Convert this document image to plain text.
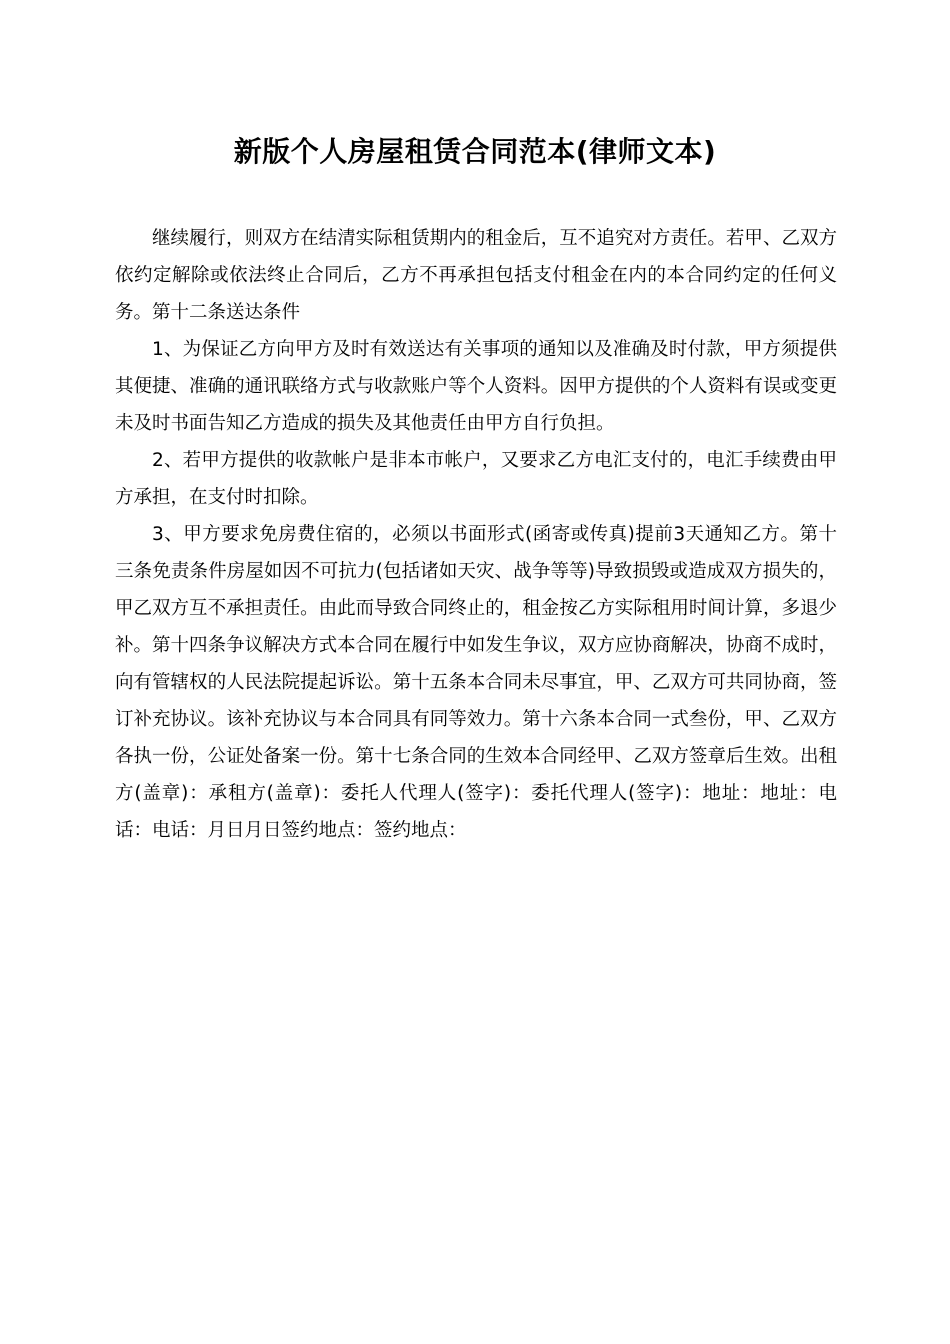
新版个人房屋租赁合同范本(律师文本)

继续履行，则双方在结清实际租赁期内的租金后，互不追究对方责任。若甲、乙双方依约定解除或依法终止合同后，乙方不再承担包括支付租金在内的本合同约定的任何义务。第十二条送达条件

1、为保证乙方向甲方及时有效送达有关事项的通知以及准确及时付款，甲方须提供其便捷、准确的通讯联络方式与收款账户等个人资料。因甲方提供的个人资料有误或变更未及时书面告知乙方造成的损失及其他责任由甲方自行负担。

2、若甲方提供的收款帐户是非本市帐户，又要求乙方电汇支付的，电汇手续费由甲方承担，在支付时扣除。

3、甲方要求免房费住宿的，必须以书面形式(函寄或传真)提前3天通知乙方。第十三条免责条件房屋如因不可抗力(包括诸如天灾、战争等等)导致损毁或造成双方损失的，甲乙双方互不承担责任。由此而导致合同终止的，租金按乙方实际租用时间计算，多退少补。第十四条争议解决方式本合同在履行中如发生争议，双方应协商解决，协商不成时，向有管辖权的人民法院提起诉讼。第十五条本合同未尽事宜，甲、乙双方可共同协商，签订补充协议。该补充协议与本合同具有同等效力。第十六条本合同一式叁份，甲、乙双方各执一份，公证处备案一份。第十七条合同的生效本合同经甲、乙双方签章后生效。出租方(盖章)：承租方(盖章)：委托人代理人(签字)：委托代理人(签字)：地址：地址：电话：电话：月日月日签约地点：签约地点：
